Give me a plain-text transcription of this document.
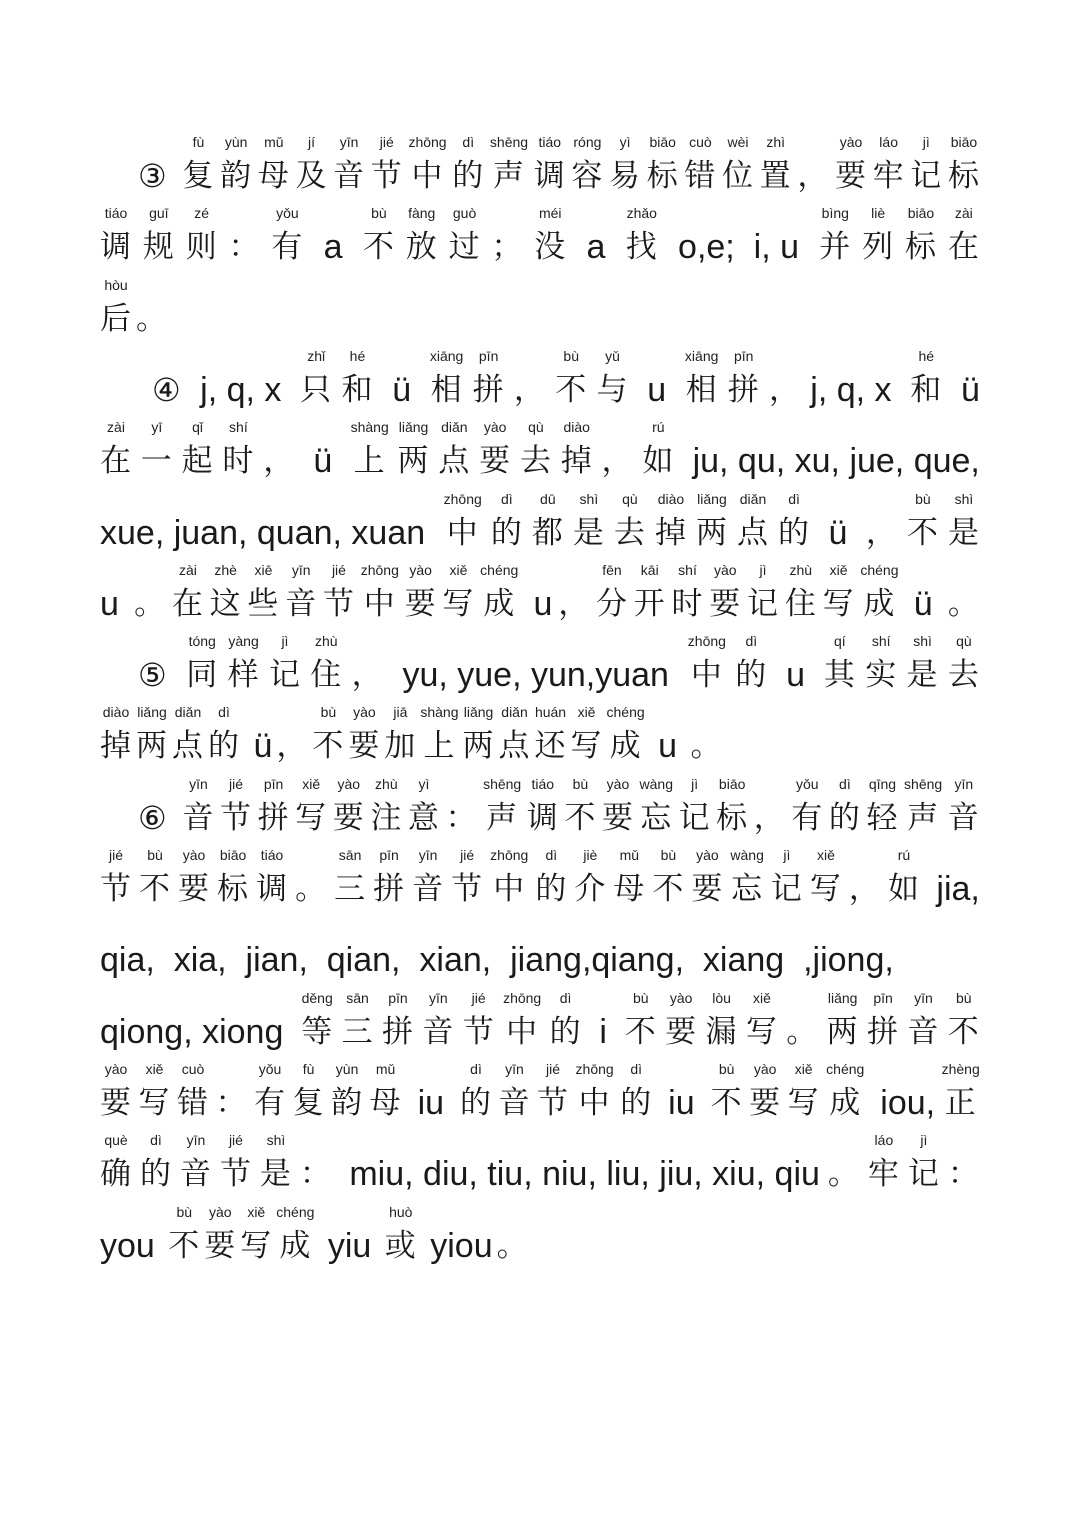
③
fù
复
yùn
韵
mǔ
母
jí
及
yīn
音
jié
节
zhōng
中
dì
的
shēng
声
tiáo
调
róng
容
yì
易
biāo
标
cuò
错
wèi
位
zhì
置 ，
yào
要
láo
牢
jì
记
biāo
标
tiáo
调
guī
规
zé
则 ：
yǒu
有 a
bù
不
fàng
放
guò
过 ；
méi
没 a
zhǎo
找 o,e;  i, u
bìng
并
liè
列
biāo
标
zài
在
hòu
后 。
④ j, q, x
zhǐ
只
hé
和 ü
xiāng
相
pīn
拼 ，
bù
不
yǔ
与 u
xiāng
相
pīn
拼 ， j, q, x
hé
和 ü
zài
在
yī
一
qǐ
起
shí
时 ， ü
shàng
上
liǎng
两
diǎn
点
yào
要
qù
去
diào
掉 ，
rú
如 ju, qu, xu, jue, que,
xue, juan, quan, xuan
zhōng
中
dì
的
dū
都
shì
是
qù
去
diào
掉
liǎng
两
diǎn
点
dì
的 ü ，
bù
不
shì
是
u 。
zài
在
zhè
这
xiē
些
yīn
音
jié
节
zhōng
中
yào
要
xiě
写
chéng
成 u ，
fēn
分
kāi
开
shí
时
yào
要
jì
记
zhù
住
xiě
写
chéng
成 ü 。
⑤
tóng
同
yàng
样
jì
记
zhù
住 ， yu, yue, yun,yuan
zhōng
中
dì
的 u
qí
其
shí
实
shì
是
qù
去
diào
掉
liǎng
两
diǎn
点
dì
的 ü ，
bù
不
yào
要
jiā
加
shàng
上
liǎng
两
diǎn
点
huán
还
xiě
写
chéng
成 u 。
⑥
yīn
音
jié
节
pīn
拼
xiě
写
yào
要
zhù
注
yì
意 ：
shēng
声
tiáo
调
bù
不
yào
要
wàng
忘
jì
记
biāo
标 ，
yǒu
有
dì
的
qīng
轻
shēng
声
yīn
音
jié
节
bù
不
yào
要
biāo
标
tiáo
调 。
sān
三
pīn
拼
yīn
音
jié
节
zhōng
中
dì
的
jiè
介
mǔ
母
bù
不
yào
要
wàng
忘
jì
记
xiě
写 ，
rú
如 jia,
qia,  xia,  jian,  qian,  xian,  jiang,qiang,  xiang  ,jiong,
qiong, xiong
děng
等
sān
三
pīn
拼
yīn
音
jié
节
zhōng
中
dì
的 i
bù
不
yào
要
lòu
漏
xiě
写 。
liǎng
两
pīn
拼
yīn
音
bù
不
yào
要
xiě
写
cuò
错 ：
yǒu
有
fù
复
yùn
韵
mǔ
母 iu
dì
的
yīn
音
jié
节
zhōng
中
dì
的 iu
bù
不
yào
要
xiě
写
chéng
成 iou,
zhèng
正
què
确
dì
的
yīn
音
jié
节
shì
是 ： miu, diu, tiu, niu, liu, jiu, xiu, qiu 。
láo
牢
jì
记 ：
you
bù
不
yào
要
xiě
写
chéng
成 yiu
huò
或 yiou 。
